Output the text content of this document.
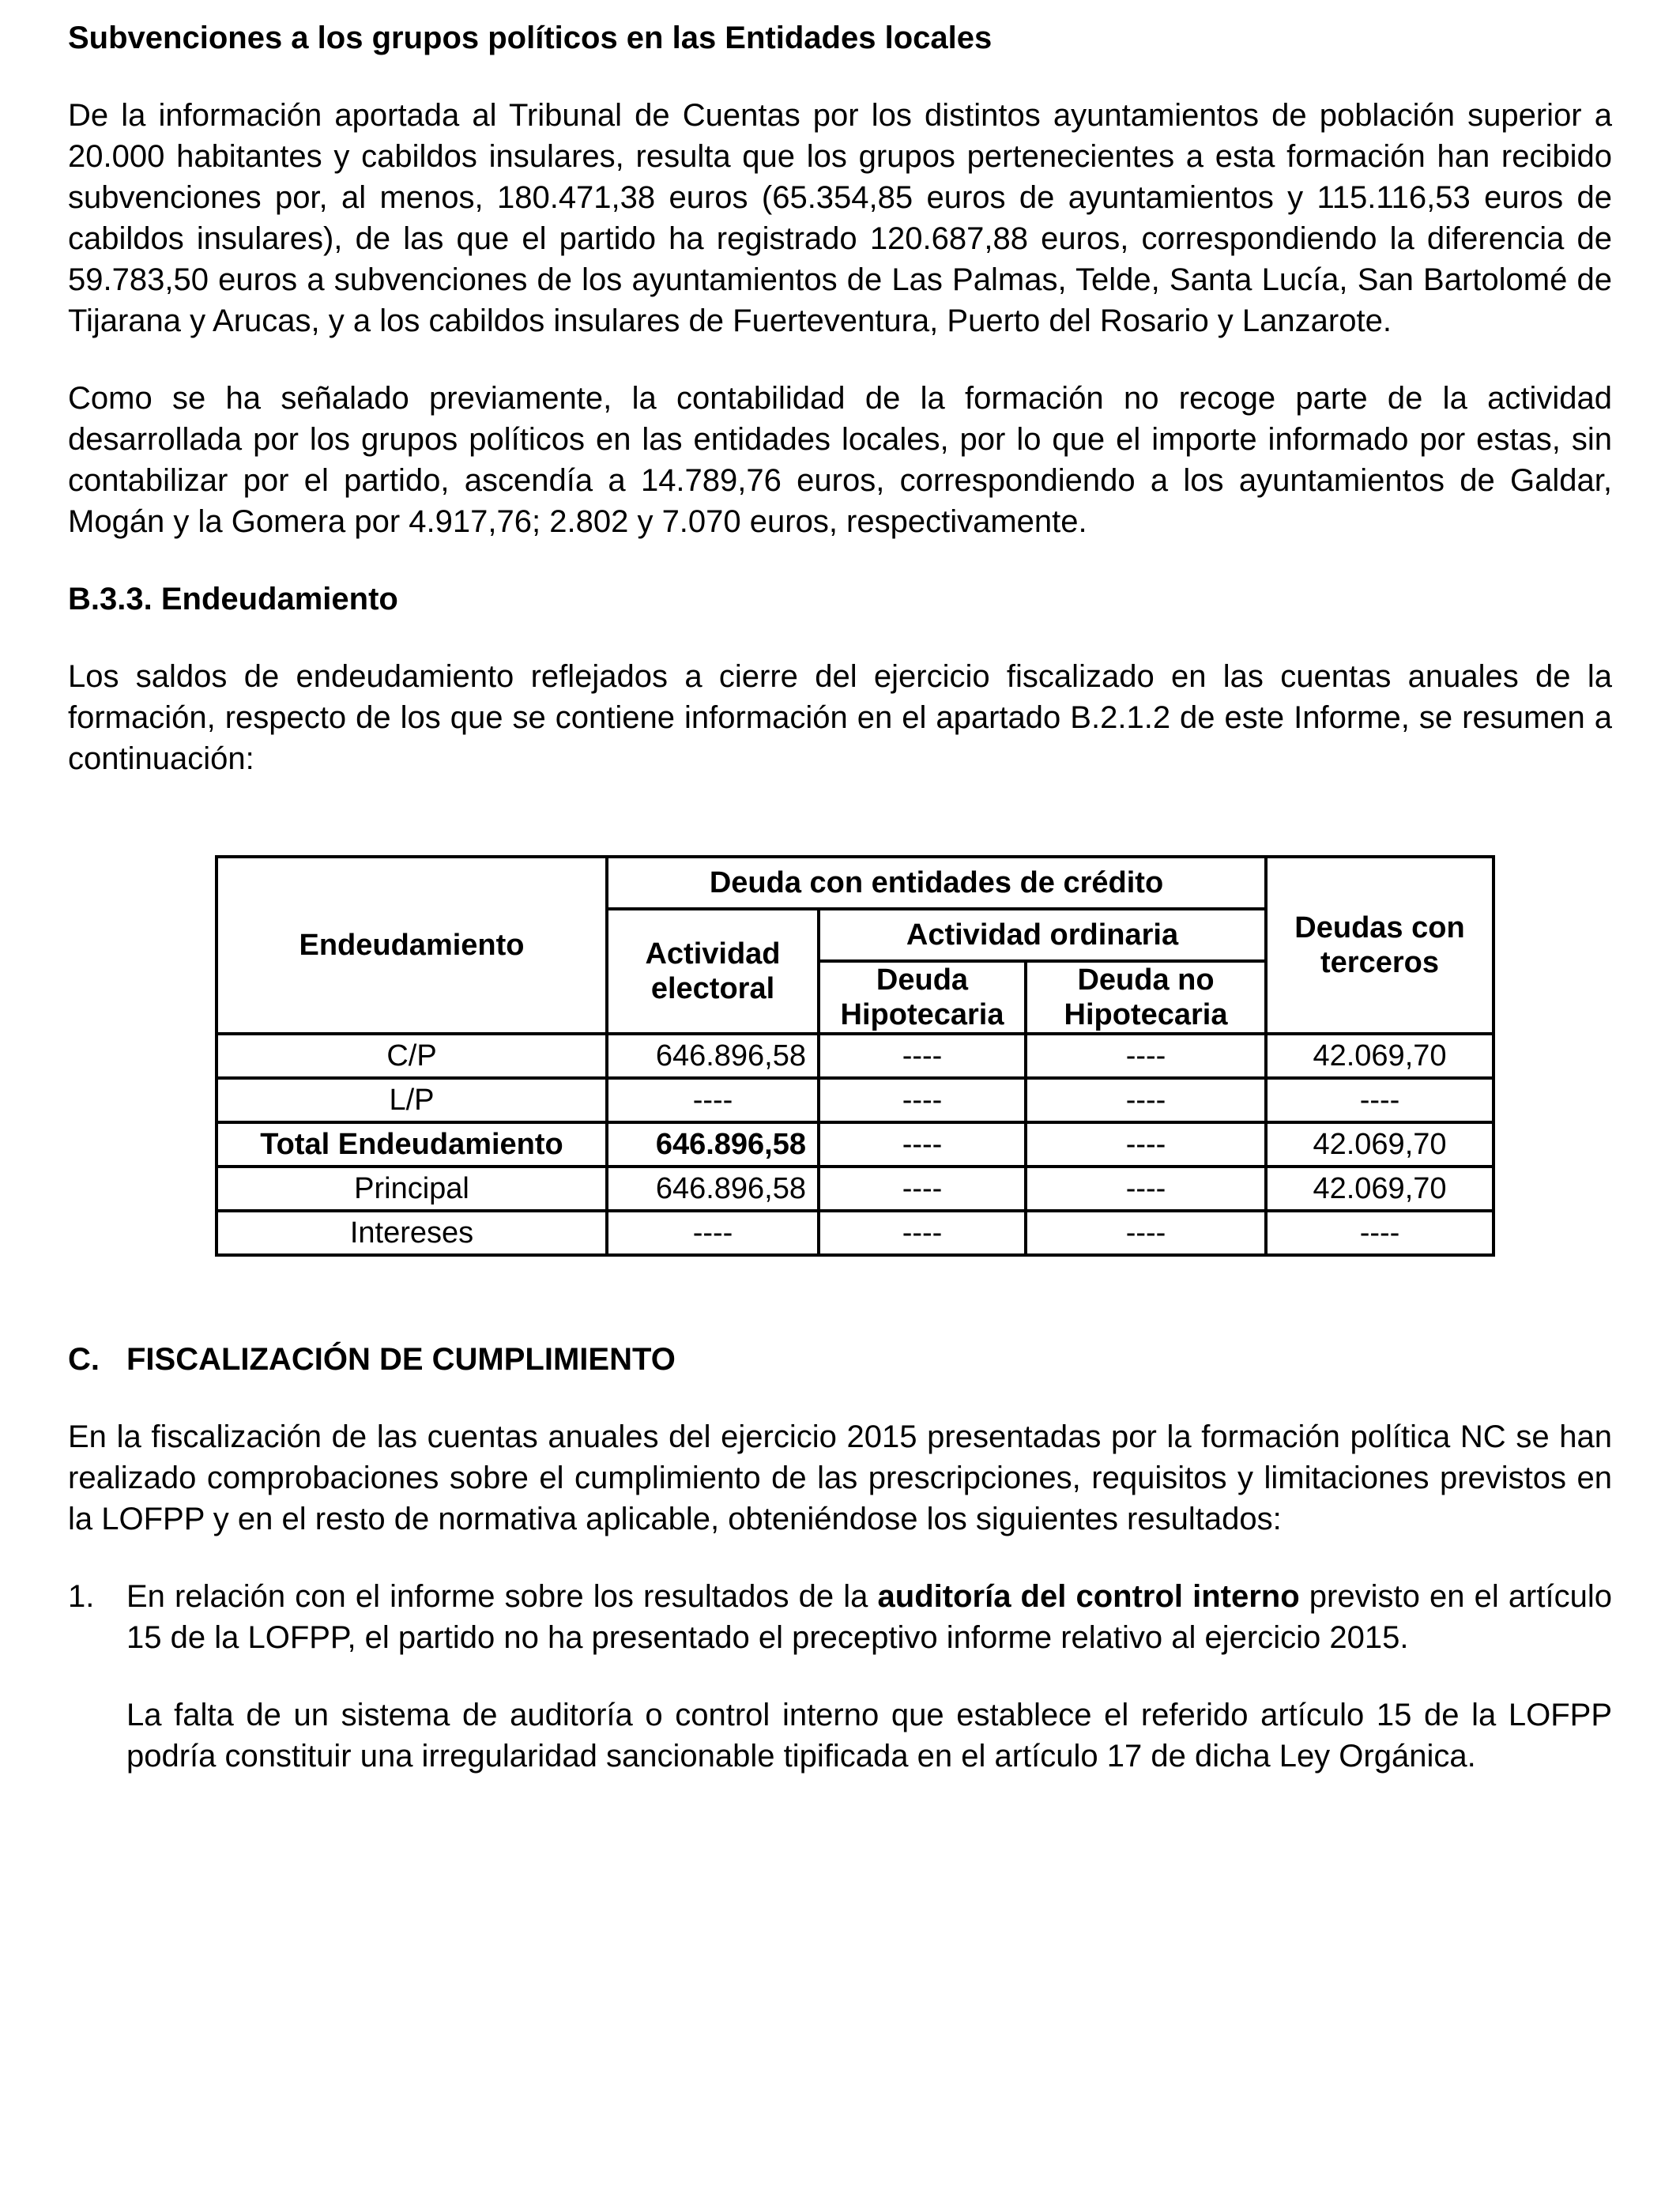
Subvenciones a los grupos políticos en las Entidades locales

De la información aportada al Tribunal de Cuentas por los distintos ayuntamientos de población superior a 20.000 habitantes y cabildos insulares, resulta que los grupos pertenecientes a esta formación han recibido subvenciones por, al menos, 180.471,38 euros (65.354,85 euros de ayuntamientos y 115.116,53 euros de cabildos insulares), de las que el partido ha registrado 120.687,88 euros, correspondiendo la diferencia de 59.783,50 euros a subvenciones de los ayuntamientos de Las Palmas, Telde, Santa Lucía, San Bartolomé de Tijarana y Arucas, y a los cabildos insulares de Fuerteventura, Puerto del Rosario y Lanzarote.

Como se ha señalado previamente, la contabilidad de la formación no recoge parte de la actividad desarrollada por los grupos políticos en las entidades locales, por lo que el importe informado por estas, sin contabilizar por el partido, ascendía a 14.789,76 euros, correspondiendo a los ayuntamientos de Galdar, Mogán y la Gomera por 4.917,76; 2.802 y 7.070 euros, respectivamente.

B.3.3. Endeudamiento

Los saldos de endeudamiento reflejados a cierre del ejercicio fiscalizado en las cuentas anuales de la formación, respecto de los que se contiene información en el apartado B.2.1.2 de este Informe, se resumen a continuación:

Endeudamiento	Deuda con entidades de crédito			Deudas con terceros
	Actividad electoral	Actividad ordinaria		
		Deuda Hipotecaria	Deuda no Hipotecaria	
C/P	646.896,58	----	----	42.069,70
L/P	----	----	----	----
Total Endeudamiento	646.896,58	----	----	42.069,70
Principal	646.896,58	----	----	42.069,70
Intereses	----	----	----	----
C. FISCALIZACIÓN DE CUMPLIMIENTO

En la fiscalización de las cuentas anuales del ejercicio 2015 presentadas por la formación política NC se han realizado comprobaciones sobre el cumplimiento de las prescripciones, requisitos y limitaciones previstos en la LOFPP y en el resto de normativa aplicable, obteniéndose los siguientes resultados:

1.	En relación con el informe sobre los resultados de la auditoría del control interno previsto en el artículo 15 de la LOFPP, el partido no ha presentado el preceptivo informe relativo al ejercicio 2015.

La falta de un sistema de auditoría o control interno que establece el referido artículo 15 de la LOFPP podría constituir una irregularidad sancionable tipificada en el artículo 17 de dicha Ley Orgánica.
